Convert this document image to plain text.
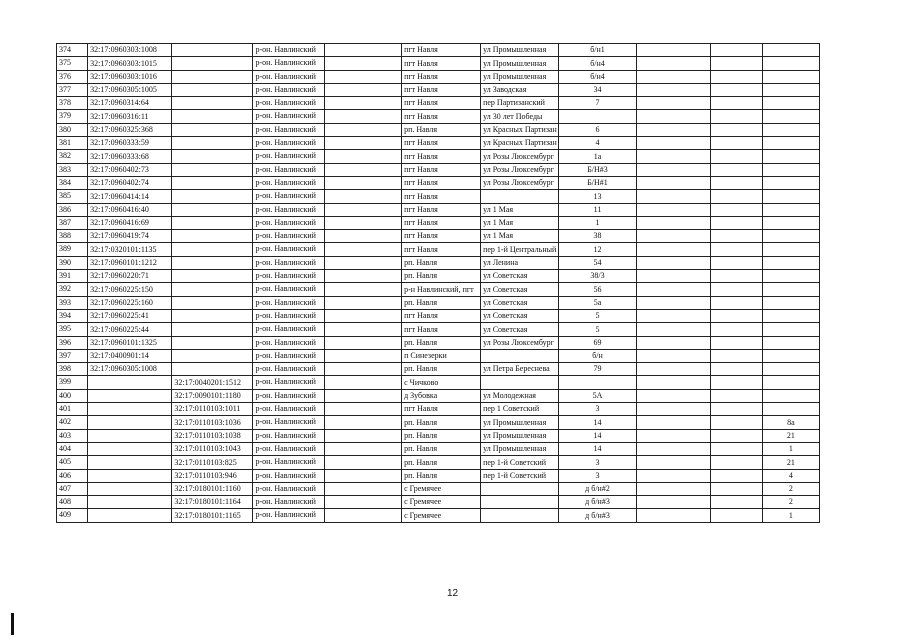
374	32:17:0960303:1008		р-он. Навлинский		пгт Навля	ул Промышленная	б/н1			
375	32:17:0960303:1015		р-он. Навлинский		пгт Навля	ул Промышленная	б/н4			
376	32:17:0960303:1016		р-он. Навлинский		пгт Навля	ул Промышленная	б/н4			
377	32:17:0960305:1005		р-он. Навлинский		пгт Навля	ул Заводская	34			
378	32:17:0960314:64		р-он. Навлинский		пгт Навля	пер Партизанский	7			
379	32:17:0960316:11		р-он. Навлинский		пгт Навля	ул 30 лет Победы				
380	32:17:0960325:368		р-он. Навлинский		рп. Навля	ул Красных Партизан	6			
381	32:17:0960333:59		р-он. Навлинский		пгт Навля	ул Красных Партизан	4			
382	32:17:0960333:68		р-он. Навлинский		пгт Навля	ул Розы Люксембург	1а			
383	32:17:0960402:73		р-он. Навлинский		пгт Навля	ул Розы Люксембург	Б/Н#3			
384	32:17:0960402:74		р-он. Навлинский		пгт Навля	ул Розы Люксембург	Б/Н#1			
385	32:17:0960414:14		р-он. Навлинский		пгт Навля		13			
386	32:17:0960416:40		р-он. Навлинский		пгт Навля	ул 1 Мая	11			
387	32:17:0960416:69		р-он. Навлинский		пгт Навля	ул 1 Мая	1			
388	32:17:0960419:74		р-он. Навлинский		пгт Навля	ул 1 Мая	38			
389	32:17:0320101:1135		р-он. Навлинский		пгт Навля	пер 1-й Центральный	12			
390	32:17:0960101:1212		р-он. Навлинский		рп. Навля	ул Ленина	54			
391	32:17:0960220:71		р-он. Навлинский		рп. Навля	ул Советская	38/3			
392	32:17:0960225:150		р-он. Навлинский		р-н Навлинский, пгт	ул Советская	56			
393	32:17:0960225:160		р-он. Навлинский		рп. Навля	ул Советская	5а			
394	32:17:0960225:41		р-он. Навлинский		пгт Навля	ул Советская	5			
395	32:17:0960225:44		р-он. Навлинский		пгт Навля	ул Советская	5			
396	32:17:0960101:1325		р-он. Навлинский		рп. Навля	ул Розы Люксембург	69			
397	32:17:0400901:14		р-он. Навлинский		п Синезерки		б/н			
398	32:17:0960305:1008		р-он. Навлинский		рп. Навля	ул Петра Береснева	79			
399		32:17:0040201:1512	р-он. Навлинский		с Чичково					
400		32:17:0090101:1180	р-он. Навлинский		д Зубовка	ул Молодежная	5А			
401		32:17:0110103:1011	р-он. Навлинский		пгт Навля	пер 1 Советский	3			
402		32:17:0110103:1036	р-он. Навлинский		рп. Навля	ул Промышленная	14			8а
403		32:17:0110103:1038	р-он. Навлинский		рп. Навля	ул Промышленная	14			21
404		32:17:0110103:1043	р-он. Навлинский		рп. Навля	ул Промышленная	14			1
405		32:17:0110103:825	р-он. Навлинский		рп. Навля	пер 1-й Советский	3			21
406		32:17:0110103:946	р-он. Навлинский		рп. Навля	пер 1-й Советский	3			4
407		32:17:0180101:1160	р-он. Навлинский		с Гремячее		д б/н#2			2
408		32:17:0180101:1164	р-он. Навлинский		с Гремячее		д б/н#3			2
409		32:17:0180101:1165	р-он. Навлинский		с Гремячее		д б/н#3			1
12
